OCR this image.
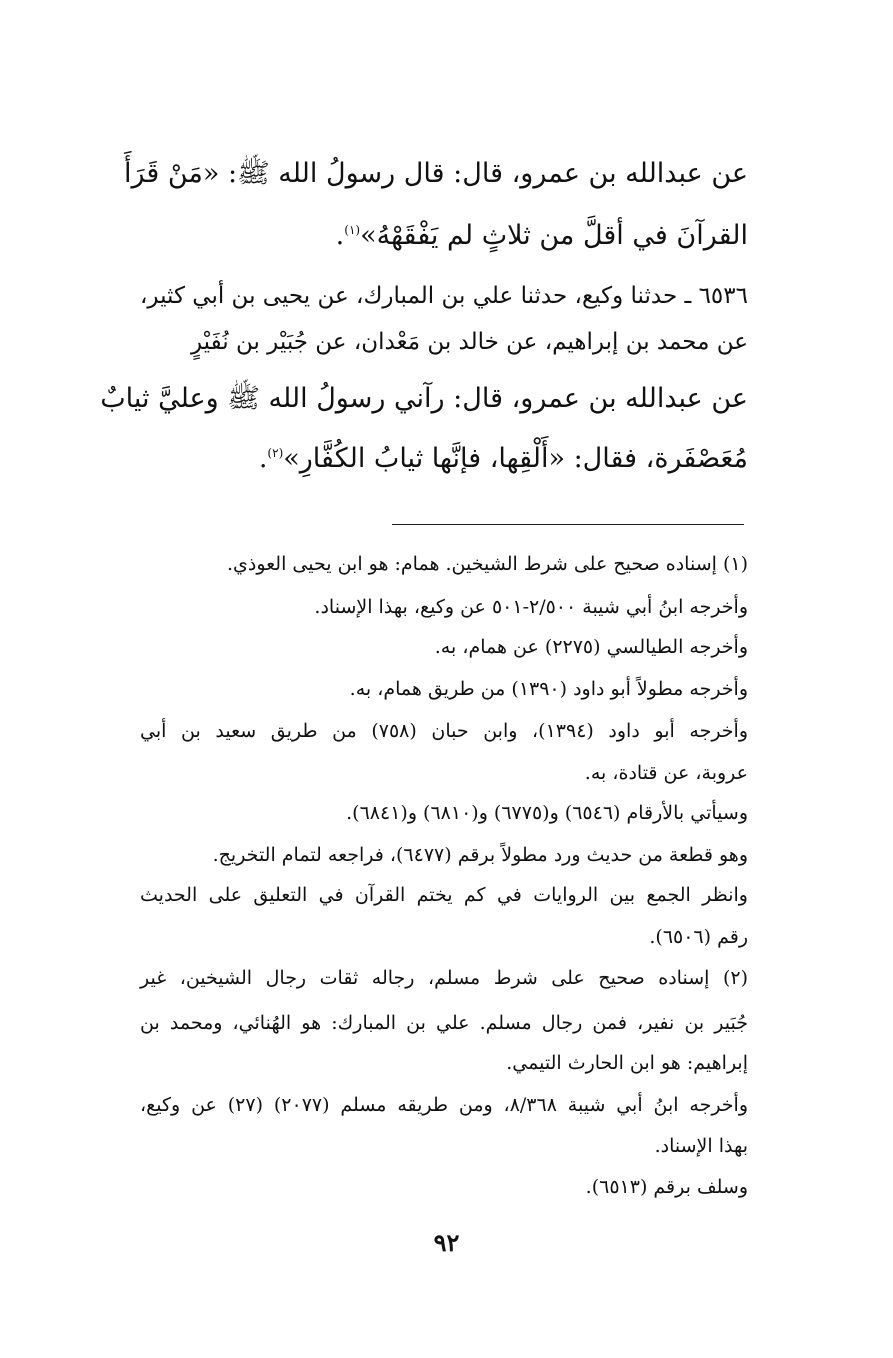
عن عبدالله بن عمرو، قال: قال رسولُ الله ﷺ: «مَنْ قَرَأَ
القرآنَ في أقلَّ من ثلاثٍ لم يَفْقَهْهُ»$^{(١)}$.
٦٥٣٦ ـ حدثنا وكيع، حدثنا علي بن المبارك، عن يحيى بن أبي كثير،
عن محمد بن إبراهيم، عن خالد بن مَعْدان، عن جُبَيْر بن نُفَيْرٍ
عن عبدالله بن عمرو، قال: رآني رسولُ الله ﷺ وعليَّ ثيابٌ
مُعَصْفَرة، فقال: «أَلْقِها، فإنَّها ثيابُ الكُفَّارِ»$^{(٢)}$.
(١) إسناده صحيح على شرط الشيخين. همام: هو ابن يحيى العوذي.
وأخرجه ابنُ أبي شيبة ٢/٥٠٠-٥٠١ عن وكيع، بهذا الإسناد.
وأخرجه الطيالسي (٢٢٧٥) عن همام، به.
وأخرجه مطولاً أبو داود (١٣٩٠) من طريق همام، به.
وأخرجه أبو داود (١٣٩٤)، وابن حبان (٧٥٨) من طريق سعيد بن أبي
عروبة، عن قتادة، به.
وسيأتي بالأرقام (٦٥٤٦) و(٦٧٧٥) و(٦٨١٠) و(٦٨٤١).
وهو قطعة من حديث ورد مطولاً برقم (٦٤٧٧)، فراجعه لتمام التخريج.
وانظر الجمع بين الروايات في كم يختم القرآن في التعليق على الحديث
رقم (٦٥٠٦).
(٢) إسناده صحيح على شرط مسلم، رجاله ثقات رجال الشيخين، غير
جُبَير بن نفير، فمن رجال مسلم. علي بن المبارك: هو الهُنائي، ومحمد بن
إبراهيم: هو ابن الحارث التيمي.
وأخرجه ابنُ أبي شيبة ٨/٣٦٨، ومن طريقه مسلم (٢٠٧٧) (٢٧) عن وكيع،
بهذا الإسناد.
وسلف برقم (٦٥١٣).
٩٢
